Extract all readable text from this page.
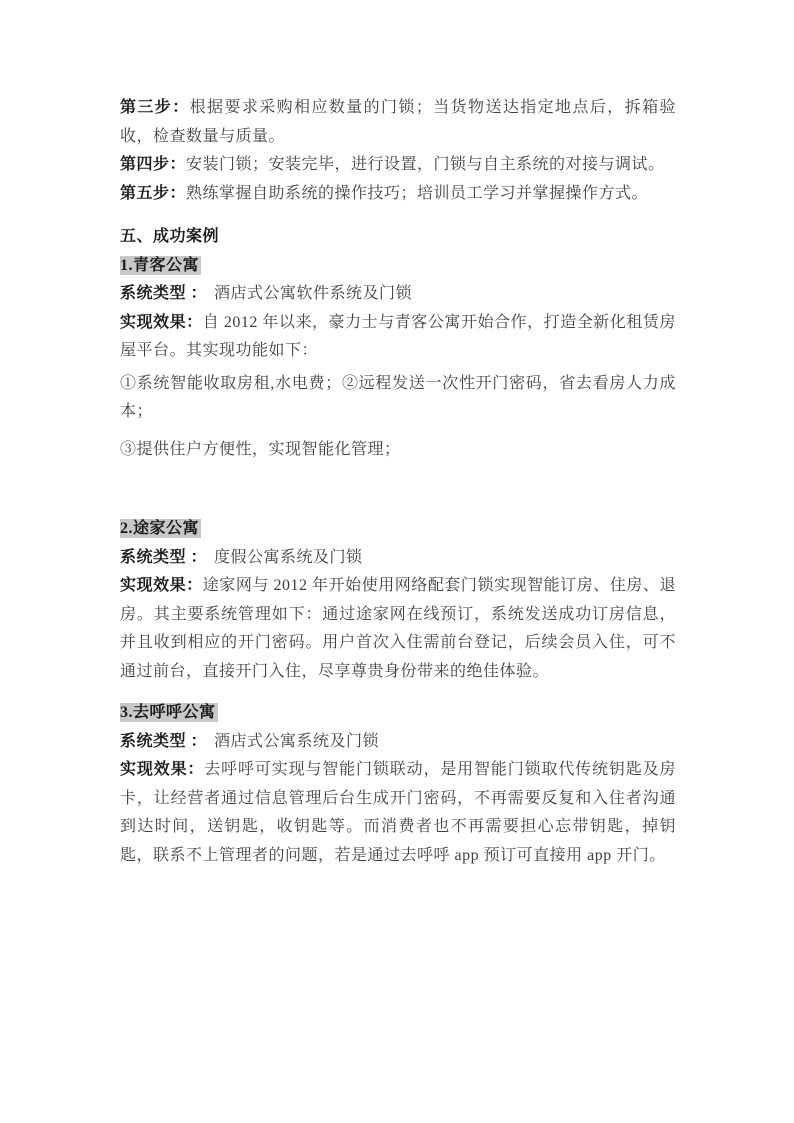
第三步：根据要求采购相应数量的门锁；当货物送达指定地点后，拆箱验收，检查数量与质量。

第四步：安装门锁；安装完毕，进行设置，门锁与自主系统的对接与调试。

第五步：熟练掌握自助系统的操作技巧；培训员工学习并掌握操作方式。

五、成功案例
1.青客公寓

系统类型 ： 酒店式公寓软件系统及门锁

实现效果：自 2012 年以来，豪力士与青客公寓开始合作，打造全新化租赁房屋平台。其实现功能如下：

①系统智能收取房租,水电费；②远程发送一次性开门密码，省去看房人力成本；

③提供住户方便性，实现智能化管理；

2.途家公寓

系统类型 ： 度假公寓系统及门锁

实现效果：途家网与 2012 年开始使用网络配套门锁实现智能订房、住房、退房。其主要系统管理如下：通过途家网在线预订，系统发送成功订房信息，并且收到相应的开门密码。用户首次入住需前台登记，后续会员入住，可不通过前台，直接开门入住，尽享尊贵身份带来的绝佳体验。

3.去呼呼公寓

系统类型 ： 酒店式公寓系统及门锁

实现效果：去呼呼可实现与智能门锁联动，是用智能门锁取代传统钥匙及房卡，让经营者通过信息管理后台生成开门密码，不再需要反复和入住者沟通到达时间，送钥匙，收钥匙等。而消费者也不再需要担心忘带钥匙，掉钥匙，联系不上管理者的问题，若是通过去呼呼 app 预订可直接用 app 开门。
